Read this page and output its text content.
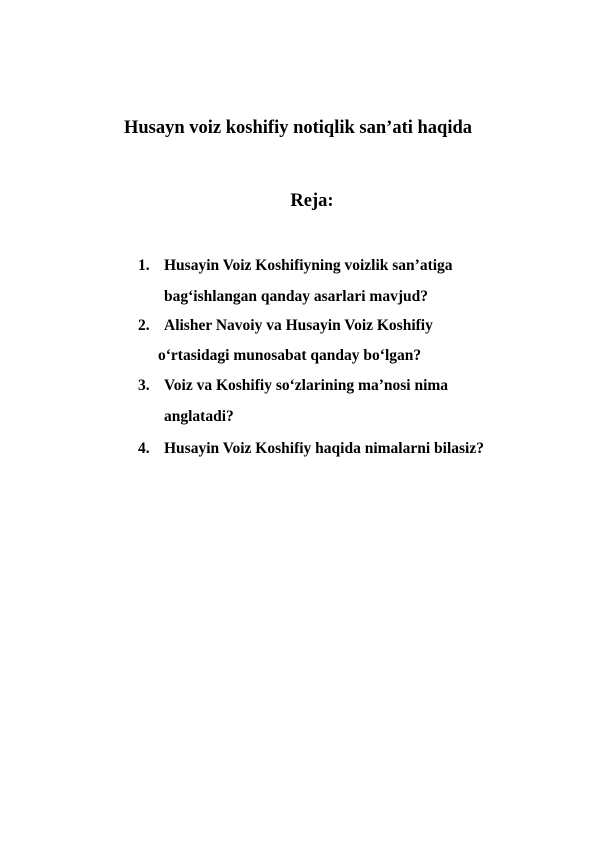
Husayn voiz koshifiy notiqlik san’ati haqida
Reja:
1. Husayin Voiz Koshifiyning voizlik san’atiga
bag‘ishlangan qanday asarlari mavjud?
2. Alisher Navoiy va Husayin Voiz Koshifiy
o‘rtasidagi munosabat qanday bo‘lgan?
3. Voiz va Koshifiy so‘zlarining ma’nosi nima
anglatadi?
4. Husayin Voiz Koshifiy haqida nimalarni bilasiz?
